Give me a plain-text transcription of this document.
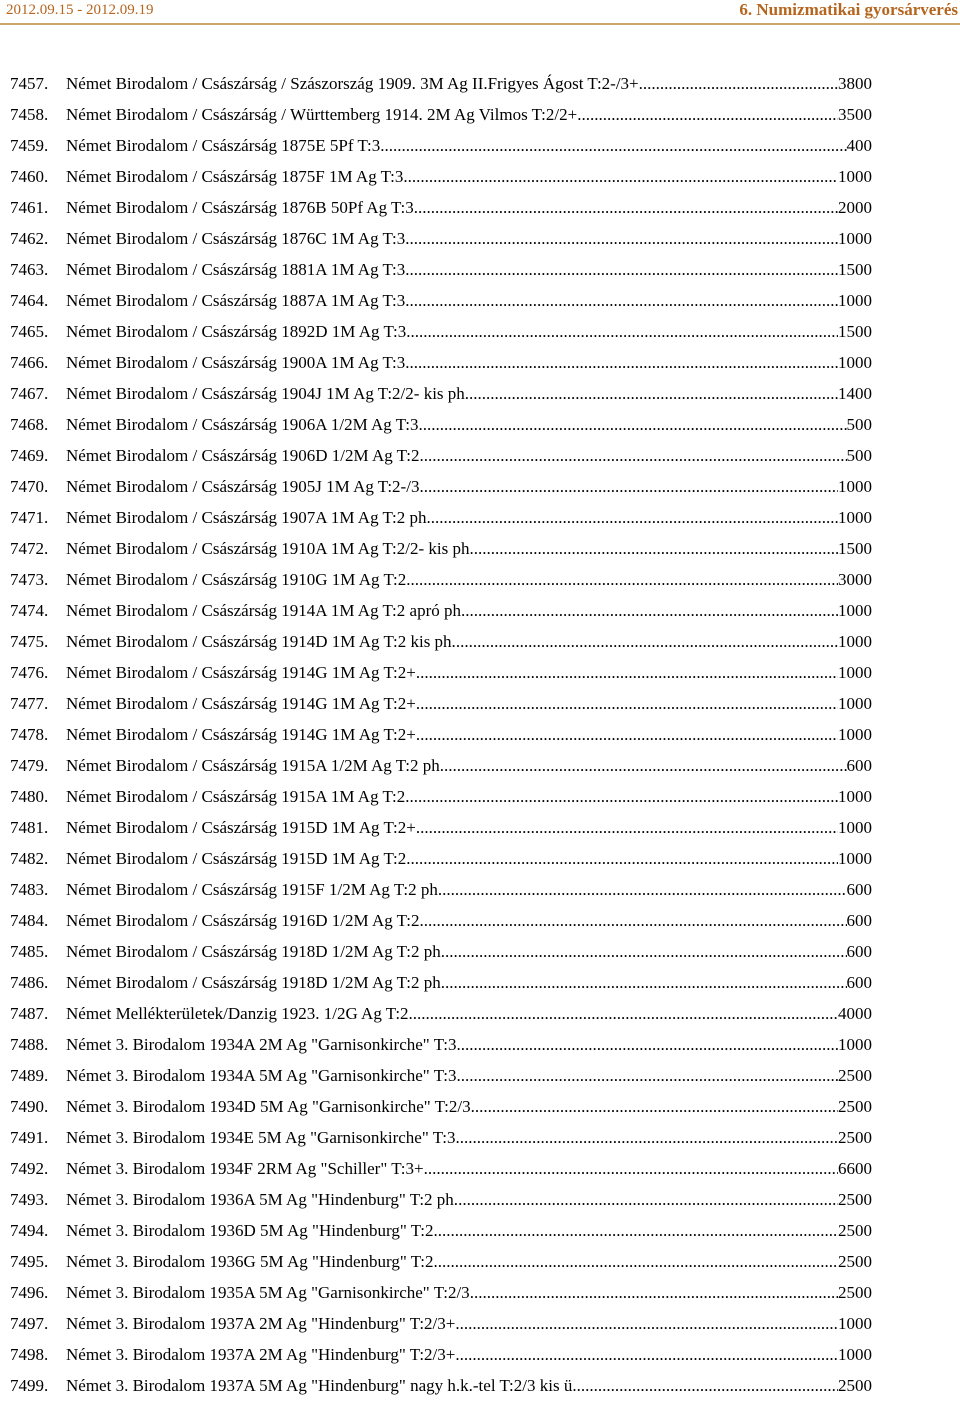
2012.09.15 - 2012.09.19	6. Numizmatikai gyorsárverés
7457. Német Birodalom / Császárság / Szászország 1909. 3M Ag II.Frigyes Ágost T:2-/3+ .....	3800
7458. Német Birodalom / Császárság / Württemberg 1914. 2M Ag Vilmos T:2/2+ .....	3500
7459. Német Birodalom / Császárság 1875E 5Pf T:3 .....	400
7460. Német Birodalom / Császárság 1875F 1M Ag T:3 .....	1000
7461. Német Birodalom / Császárság 1876B 50Pf Ag T:3 .....	2000
7462. Német Birodalom / Császárság 1876C 1M Ag T:3 .....	1000
7463. Német Birodalom / Császárság 1881A 1M Ag T:3 .....	1500
7464. Német Birodalom / Császárság 1887A 1M Ag T:3 .....	1000
7465. Német Birodalom / Császárság 1892D 1M Ag T:3 .....	1500
7466. Német Birodalom / Császárság 1900A 1M Ag T:3 .....	1000
7467. Német Birodalom / Császárság 1904J 1M Ag T:2/2- kis ph. .....	1400
7468. Német Birodalom / Császárság 1906A 1/2M Ag T:3 .....	500
7469. Német Birodalom / Császárság 1906D 1/2M Ag T:2 .....	500
7470. Német Birodalom / Császárság 1905J 1M Ag T:2-/3 .....	1000
7471. Német Birodalom / Császárság 1907A 1M Ag T:2 ph. .....	1000
7472. Német Birodalom / Császárság 1910A 1M Ag T:2/2- kis ph. .....	1500
7473. Német Birodalom / Császárság 1910G 1M Ag T:2 .....	3000
7474. Német Birodalom / Császárság 1914A 1M Ag T:2 apró ph. .....	1000
7475. Német Birodalom / Császárság 1914D 1M Ag T:2 kis ph. .....	1000
7476. Német Birodalom / Császárság 1914G 1M Ag T:2+ .....	1000
7477. Német Birodalom / Császárság 1914G 1M Ag T:2+ .....	1000
7478. Német Birodalom / Császárság 1914G 1M Ag T:2+ .....	1000
7479. Német Birodalom / Császárság 1915A 1/2M Ag T:2 ph. .....	600
7480. Német Birodalom / Császárság 1915A 1M Ag T:2 .....	1000
7481. Német Birodalom / Császárság 1915D 1M Ag T:2+ .....	1000
7482. Német Birodalom / Császárság 1915D 1M Ag T:2 .....	1000
7483. Német Birodalom / Császárság 1915F 1/2M Ag T:2 ph. .....	600
7484. Német Birodalom / Császárság 1916D 1/2M Ag T:2 .....	600
7485. Német Birodalom / Császárság 1918D 1/2M Ag T:2 ph. .....	600
7486. Német Birodalom / Császárság 1918D 1/2M Ag T:2 ph. .....	600
7487. Német Mellékterületek/Danzig 1923. 1/2G Ag T:2 .....	4000
7488. Német 3. Birodalom 1934A 2M Ag "Garnisonkirche" T:3 .....	1000
7489. Német 3. Birodalom 1934A 5M Ag "Garnisonkirche" T:3 .....	2500
7490. Német 3. Birodalom 1934D 5M Ag "Garnisonkirche" T:2/3 .....	2500
7491. Német 3. Birodalom 1934E 5M Ag "Garnisonkirche" T:3 .....	2500
7492. Német 3. Birodalom 1934F 2RM Ag "Schiller" T:3+ .....	6600
7493. Német 3. Birodalom 1936A 5M Ag "Hindenburg" T:2 ph. .....	2500
7494. Német 3. Birodalom 1936D 5M Ag "Hindenburg" T:2 .....	2500
7495. Német 3. Birodalom 1936G 5M Ag "Hindenburg" T:2 .....	2500
7496. Német 3. Birodalom 1935A 5M Ag "Garnisonkirche" T:2/3 .....	2500
7497. Német 3. Birodalom 1937A 2M Ag "Hindenburg" T:2/3+ .....	1000
7498. Német 3. Birodalom 1937A 2M Ag "Hindenburg" T:2/3+ .....	1000
7499. Német 3. Birodalom 1937A 5M Ag "Hindenburg" nagy h.k.-tel T:2/3 kis ü. .....	2500
